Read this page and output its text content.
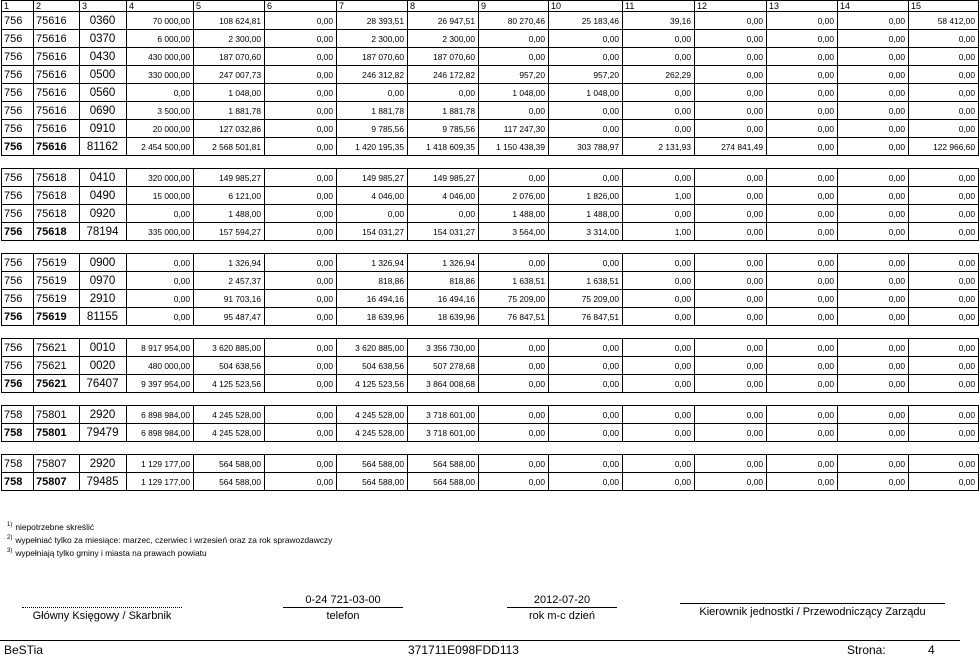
1	2	3	4	5	6	7	8	9	10	11	12	13	14	15
756	75616	0360	70 000,00	108 624,81	0,00	28 393,51	26 947,51	80 270,46	25 183,46	39,16	0,00	0,00	0,00	58 412,00
756	75616	0370	6 000,00	2 300,00	0,00	2 300,00	2 300,00	0,00	0,00	0,00	0,00	0,00	0,00	0,00
756	75616	0430	430 000,00	187 070,60	0,00	187 070,60	187 070,60	0,00	0,00	0,00	0,00	0,00	0,00	0,00
756	75616	0500	330 000,00	247 007,73	0,00	246 312,82	246 172,82	957,20	957,20	262,29	0,00	0,00	0,00	0,00
756	75616	0560	0,00	1 048,00	0,00	0,00	0,00	1 048,00	1 048,00	0,00	0,00	0,00	0,00	0,00
756	75616	0690	3 500,00	1 881,78	0,00	1 881,78	1 881,78	0,00	0,00	0,00	0,00	0,00	0,00	0,00
756	75616	0910	20 000,00	127 032,86	0,00	9 785,56	9 785,56	117 247,30	0,00	0,00	0,00	0,00	0,00	0,00
756	75616	81162	2 454 500,00	2 568 501,81	0,00	1 420 195,35	1 418 609,35	1 150 438,39	303 788,97	2 131,93	274 841,49	0,00	0,00	122 966,60

756	75618	0410	320 000,00	149 985,27	0,00	149 985,27	149 985,27	0,00	0,00	0,00	0,00	0,00	0,00	0,00
756	75618	0490	15 000,00	6 121,00	0,00	4 046,00	4 046,00	2 076,00	1 826,00	1,00	0,00	0,00	0,00	0,00
756	75618	0920	0,00	1 488,00	0,00	0,00	0,00	1 488,00	1 488,00	0,00	0,00	0,00	0,00	0,00
756	75618	78194	335 000,00	157 594,27	0,00	154 031,27	154 031,27	3 564,00	3 314,00	1,00	0,00	0,00	0,00	0,00

756	75619	0900	0,00	1 326,94	0,00	1 326,94	1 326,94	0,00	0,00	0,00	0,00	0,00	0,00	0,00
756	75619	0970	0,00	2 457,37	0,00	818,86	818,86	1 638,51	1 638,51	0,00	0,00	0,00	0,00	0,00
756	75619	2910	0,00	91 703,16	0,00	16 494,16	16 494,16	75 209,00	75 209,00	0,00	0,00	0,00	0,00	0,00
756	75619	81155	0,00	95 487,47	0,00	18 639,96	18 639,96	76 847,51	76 847,51	0,00	0,00	0,00	0,00	0,00

756	75621	0010	8 917 954,00	3 620 885,00	0,00	3 620 885,00	3 356 730,00	0,00	0,00	0,00	0,00	0,00	0,00	0,00
756	75621	0020	480 000,00	504 638,56	0,00	504 638,56	507 278,68	0,00	0,00	0,00	0,00	0,00	0,00	0,00
756	75621	76407	9 397 954,00	4 125 523,56	0,00	4 125 523,56	3 864 008,68	0,00	0,00	0,00	0,00	0,00	0,00	0,00

758	75801	2920	6 898 984,00	4 245 528,00	0,00	4 245 528,00	3 718 601,00	0,00	0,00	0,00	0,00	0,00	0,00	0,00
758	75801	79479	6 898 984,00	4 245 528,00	0,00	4 245 528,00	3 718 601,00	0,00	0,00	0,00	0,00	0,00	0,00	0,00

758	75807	2920	1 129 177,00	564 588,00	0,00	564 588,00	564 588,00	0,00	0,00	0,00	0,00	0,00	0,00	0,00
758	75807	79485	1 129 177,00	564 588,00	0,00	564 588,00	564 588,00	0,00	0,00	0,00	0,00	0,00	0,00	0,00
$^{1)}$ niepotrzebne skreślić
$^{2)}$ wypełniać tylko za miesiące: marzec, czerwiec i wrzesień oraz za rok sprawozdawczy
$^{3)}$ wypełniają tylko gminy i miasta na prawach powiatu
Główny Księgowy / Skarbnik
0-24 721-03-00
telefon
2012-07-20
rok m-c dzień	Kierownik jednostki / Przewodniczący Zarządu
BeSTia	371711E098FDD113	Strona:	4
